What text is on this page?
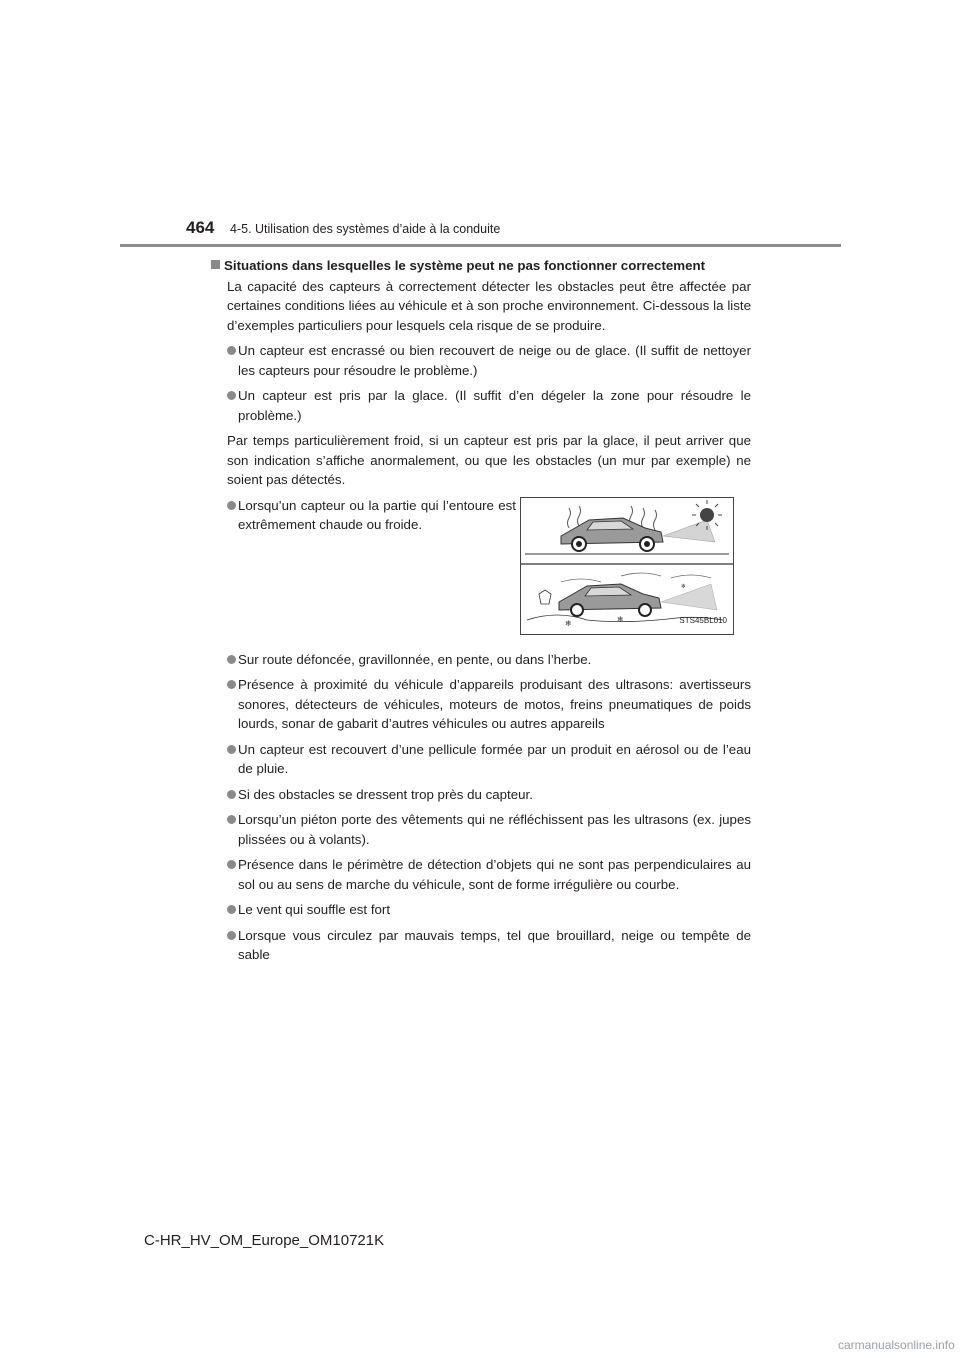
464 4-5. Utilisation des systèmes d’aide à la conduite
Situations dans lesquelles le système peut ne pas fonctionner correctement

La capacité des capteurs à correctement détecter les obstacles peut être affectée par certaines conditions liées au véhicule et à son proche environnement. Ci-dessous la liste d’exemples particuliers pour lesquels cela risque de se produire.

Un capteur est encrassé ou bien recouvert de neige ou de glace. (Il suffit de nettoyer les capteurs pour résoudre le problème.)
Un capteur est pris par la glace. (Il suffit d’en dégeler la zone pour résoudre le problème.)

Par temps particulièrement froid, si un capteur est pris par la glace, il peut arriver que son indication s’affiche anormalement, ou que les obstacles (un mur par exemple) ne soient pas détectés.

Lorsqu’un capteur ou la partie qui l’entoure est extrêmement chaude ou froide.
❄	❄
❄
STS45BL010
Sur route défoncée, gravillonnée, en pente, ou dans l’herbe.
Présence à proximité du véhicule d’appareils produisant des ultrasons: avertisseurs sonores, détecteurs de véhicules, moteurs de motos, freins pneumatiques de poids lourds, sonar de gabarit d’autres véhicules ou autres appareils
Un capteur est recouvert d’une pellicule formée par un produit en aérosol ou de l’eau de pluie.
Si des obstacles se dressent trop près du capteur.
Lorsqu’un piéton porte des vêtements qui ne réfléchissent pas les ultrasons (ex. jupes plissées ou à volants).
Présence dans le périmètre de détection d’objets qui ne sont pas perpendiculaires au sol ou au sens de marche du véhicule, sont de forme irrégulière ou courbe.
Le vent qui souffle est fort
Lorsque vous circulez par mauvais temps, tel que brouillard, neige ou tempête de sable
C-HR_HV_OM_Europe_OM10721K
carmanualsonline.info
